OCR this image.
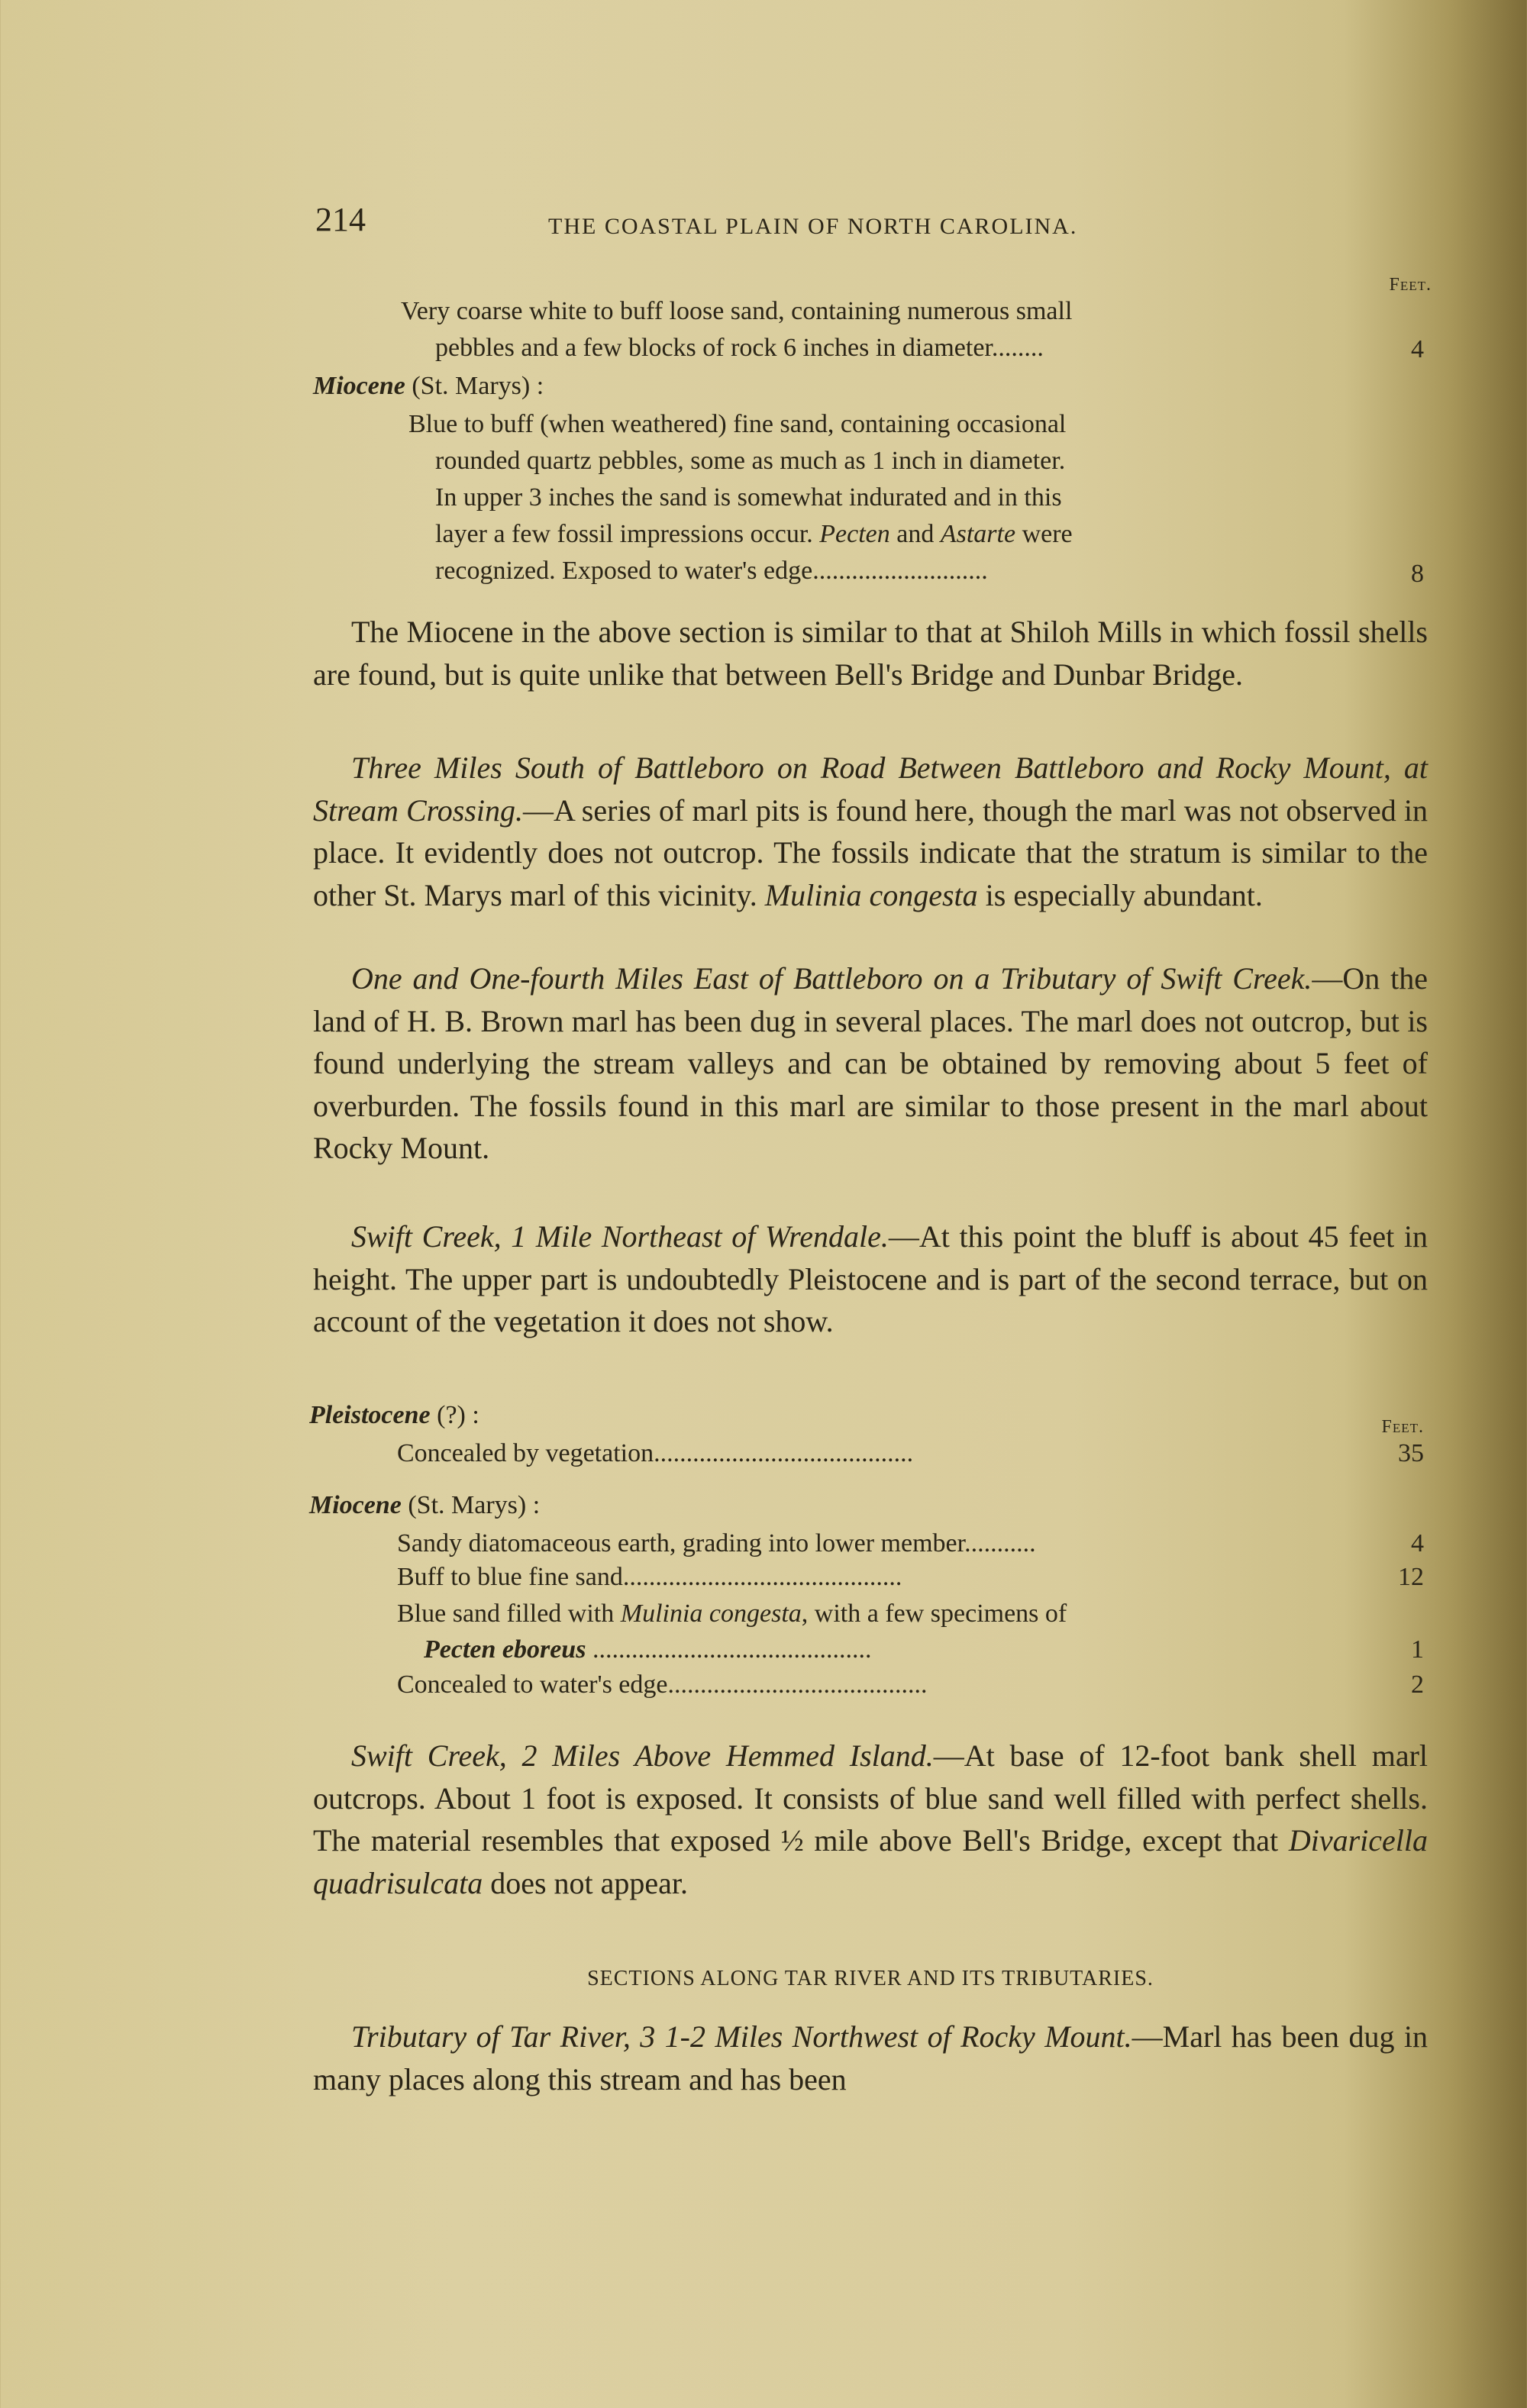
214	THE COASTAL PLAIN OF NORTH CAROLINA.
Feet.
Very coarse white to buff loose sand, containing numerous small
pebbles and a few blocks of rock 6 inches in diameter........	4
Miocene (St. Marys) :
Blue to buff (when weathered) fine sand, containing occasional
rounded quartz pebbles, some as much as 1 inch in diameter.
In upper 3 inches the sand is somewhat indurated and in this
layer a few fossil impressions occur. Pecten and Astarte were
recognized. Exposed to water's edge...........................	8

The Miocene in the above section is similar to that at Shiloh Mills in which fossil shells are found, but is quite unlike that between Bell's Bridge and Dunbar Bridge.

Three Miles South of Battleboro on Road Between Battleboro and Rocky Mount, at Stream Crossing.—A series of marl pits is found here, though the marl was not observed in place. It evidently does not outcrop. The fossils indicate that the stratum is similar to the other St. Marys marl of this vicinity. Mulinia congesta is especially abundant.

One and One-fourth Miles East of Battleboro on a Tributary of Swift Creek.—On the land of H. B. Brown marl has been dug in several places. The marl does not outcrop, but is found underlying the stream valleys and can be obtained by removing about 5 feet of overburden. The fossils found in this marl are similar to those present in the marl about Rocky Mount.

Swift Creek, 1 Mile Northeast of Wrendale.—At this point the bluff is about 45 feet in height. The upper part is undoubtedly Pleistocene and is part of the second terrace, but on account of the vegetation it does not show.

Pleistocene (?) :	Feet.
Concealed by vegetation........................................	35
Miocene (St. Marys) :
Sandy diatomaceous earth, grading into lower member...........	4
Buff to blue fine sand...........................................	12
Blue sand filled with Mulinia congesta, with a few specimens of
Pecten eboreus ...........................................	1
Concealed to water's edge........................................	2

Swift Creek, 2 Miles Above Hemmed Island.—At base of 12-foot bank shell marl outcrops. About 1 foot is exposed. It consists of blue sand well filled with perfect shells. The material resembles that exposed ½ mile above Bell's Bridge, except that Divaricella quadrisulcata does not appear.

SECTIONS ALONG TAR RIVER AND ITS TRIBUTARIES.

Tributary of Tar River, 3 1-2 Miles Northwest of Rocky Mount.—Marl has been dug in many places along this stream and has been
